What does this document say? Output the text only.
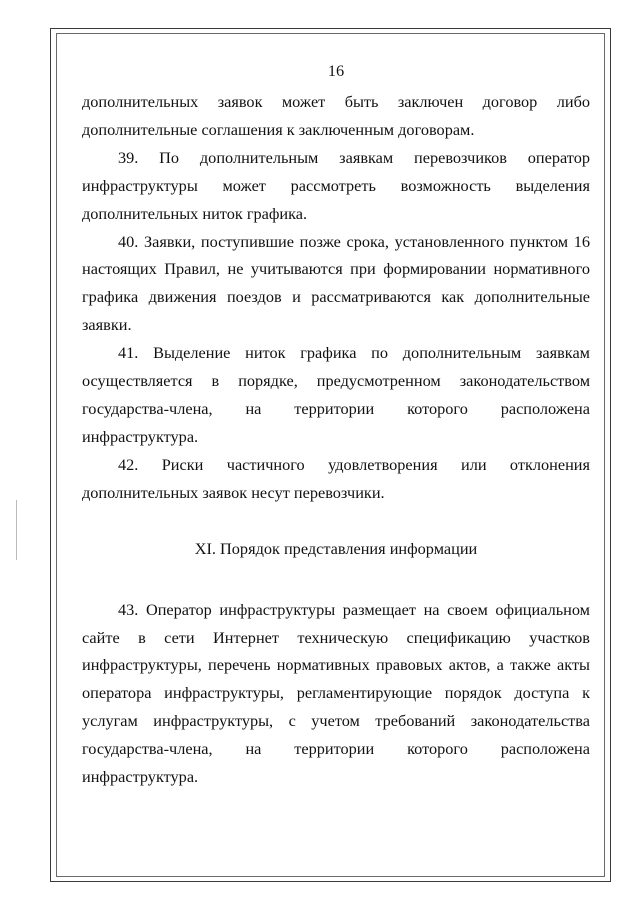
16

дополнительных заявок может быть заключен договор либо
дополнительные соглашения к заключенным договорам.

39. По дополнительным заявкам перевозчиков оператор
инфраструктуры может рассмотреть возможность выделения
дополнительных ниток графика.

40. Заявки, поступившие позже срока, установленного пунктом 16
настоящих Правил, не учитываются при формировании нормативного
графика движения поездов и рассматриваются как дополнительные
заявки.

41. Выделение ниток графика по дополнительным заявкам
осуществляется в порядке, предусмотренном законодательством
государства-члена, на территории которого расположена
инфраструктура.

42. Риски частичного удовлетворения или отклонения
дополнительных заявок несут перевозчики.

XI. Порядок представления информации

43. Оператор инфраструктуры размещает на своем официальном
сайте в сети Интернет техническую спецификацию участков
инфраструктуры, перечень нормативных правовых актов, а также акты
оператора инфраструктуры, регламентирующие порядок доступа к
услугам инфраструктуры, с учетом требований законодательства
государства-члена, на территории которого расположена
инфраструктура.
